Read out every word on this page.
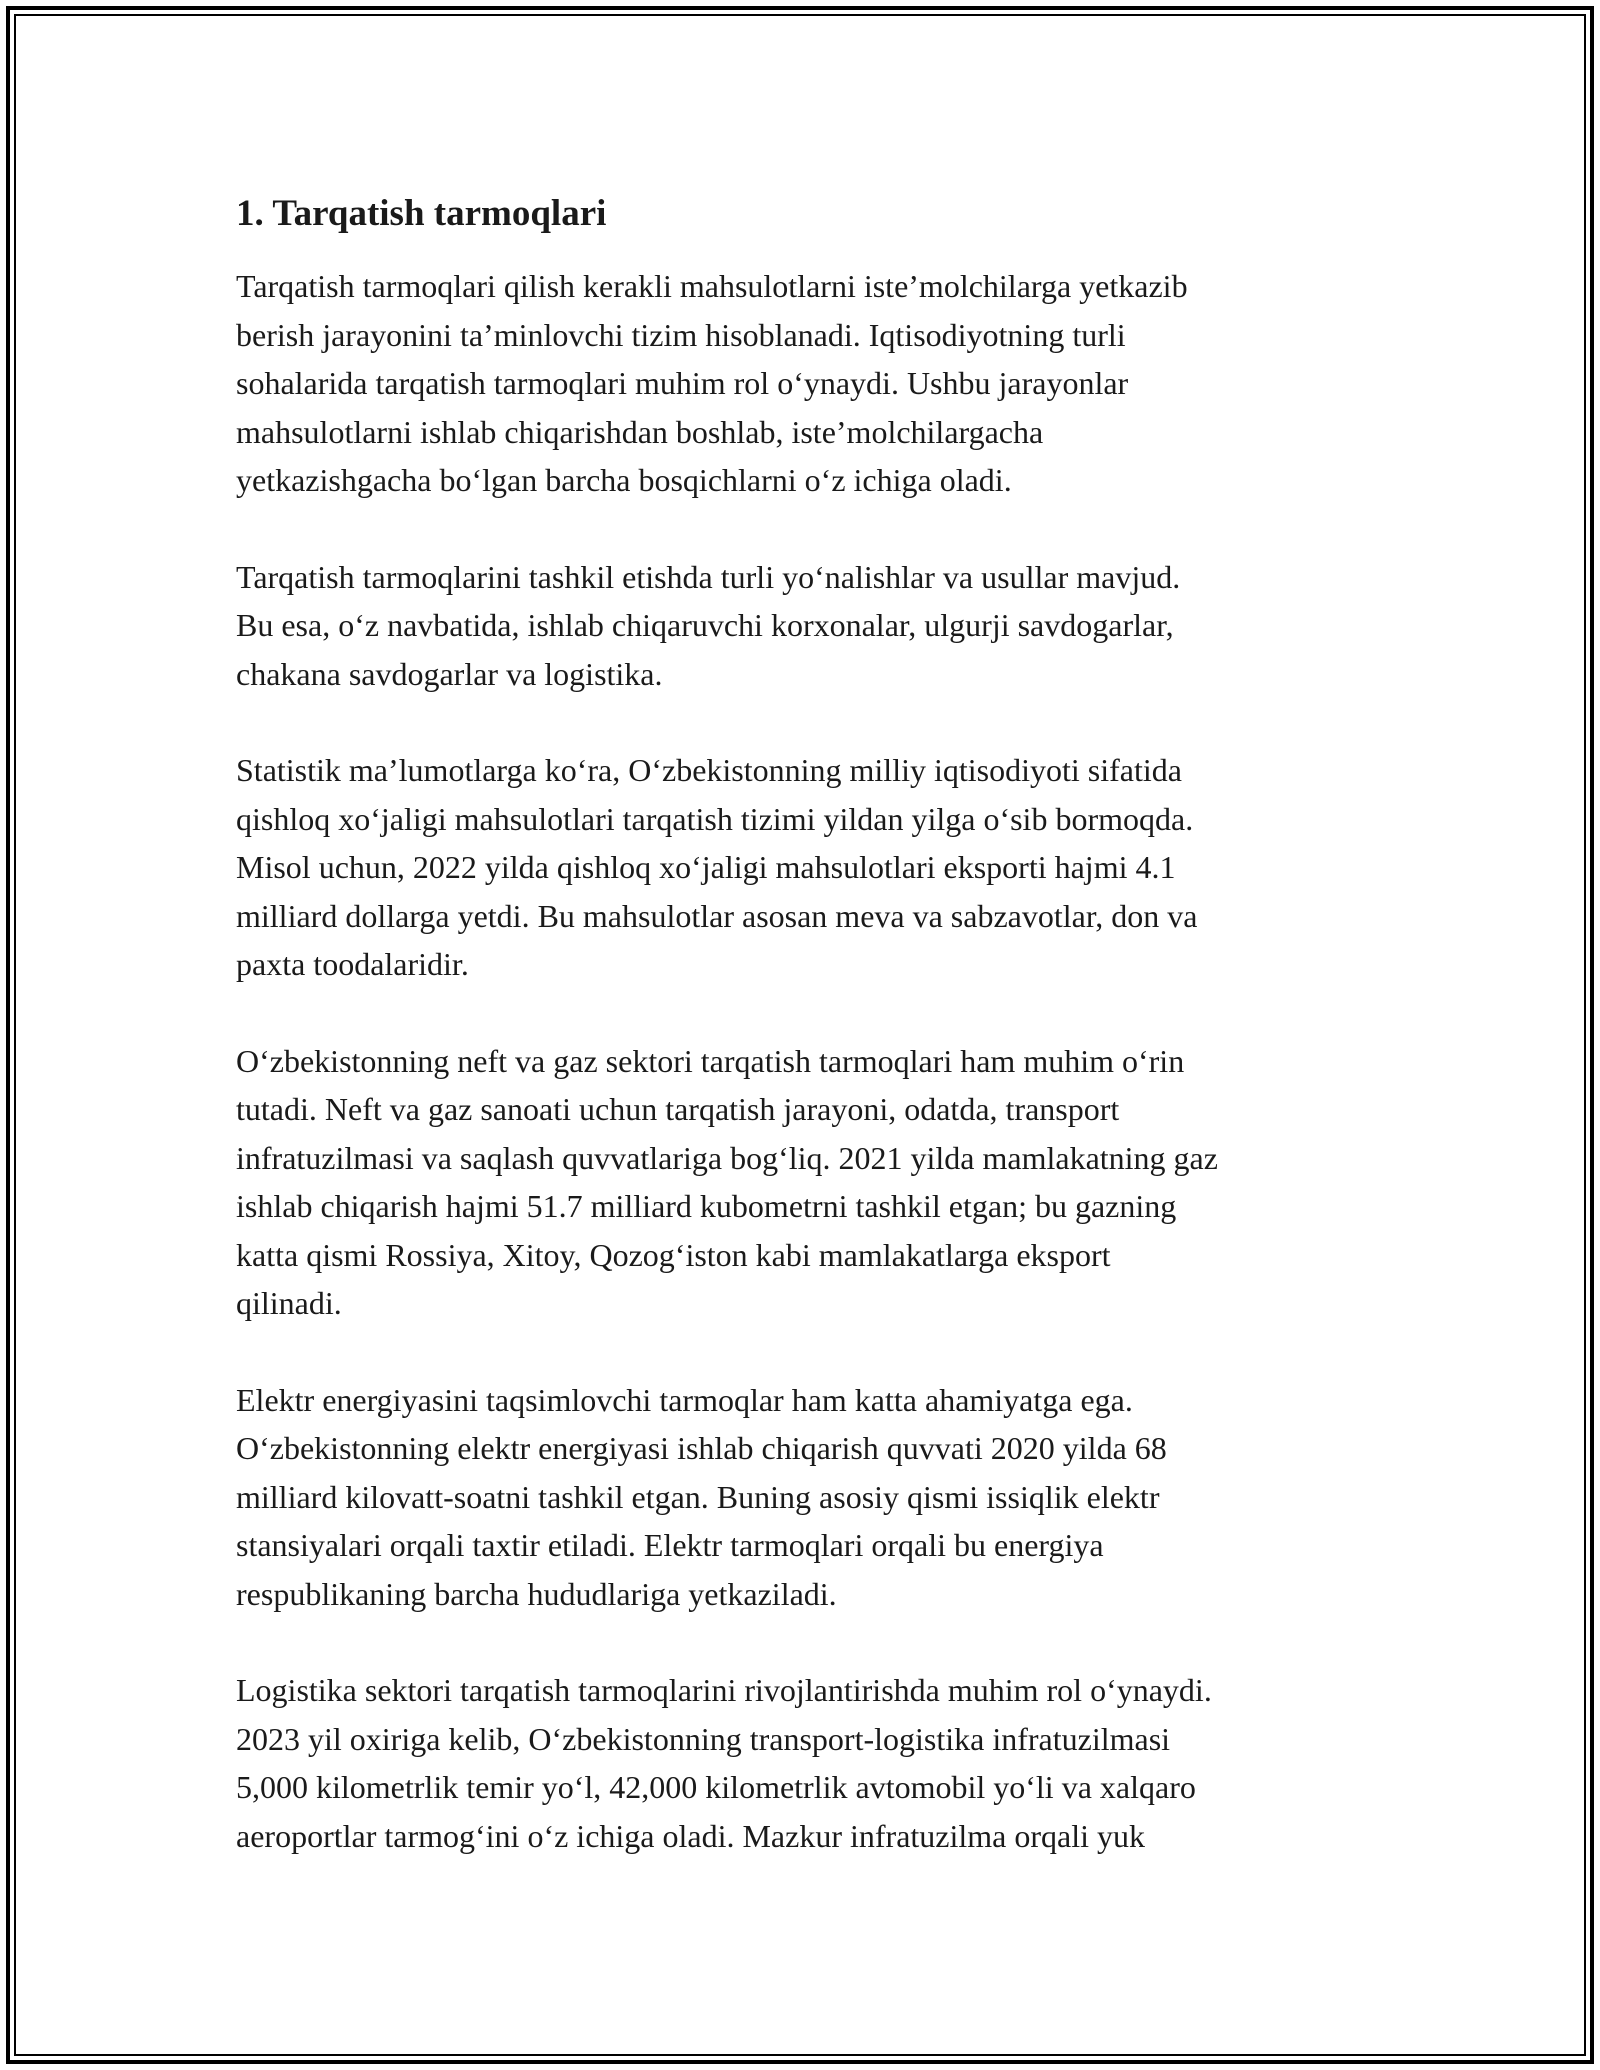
1. Tarqatish tarmoqlari

Tarqatish tarmoqlari qilish kerakli mahsulotlarni iste’molchilarga yetkazib
berish jarayonini ta’minlovchi tizim hisoblanadi. Iqtisodiyotning turli
sohalarida tarqatish tarmoqlari muhim rol o‘ynaydi. Ushbu jarayonlar
mahsulotlarni ishlab chiqarishdan boshlab, iste’molchilargacha
yetkazishgacha bo‘lgan barcha bosqichlarni o‘z ichiga oladi.

Tarqatish tarmoqlarini tashkil etishda turli yo‘nalishlar va usullar mavjud.
Bu esa, o‘z navbatida, ishlab chiqaruvchi korxonalar, ulgurji savdogarlar,
chakana savdogarlar va logistika.

Statistik ma’lumotlarga ko‘ra, O‘zbekistonning milliy iqtisodiyoti sifatida
qishloq xo‘jaligi mahsulotlari tarqatish tizimi yildan yilga o‘sib bormoqda.
Misol uchun, 2022 yilda qishloq xo‘jaligi mahsulotlari eksporti hajmi 4.1
milliard dollarga yetdi. Bu mahsulotlar asosan meva va sabzavotlar, don va
paxta toodalaridir.

O‘zbekistonning neft va gaz sektori tarqatish tarmoqlari ham muhim o‘rin
tutadi. Neft va gaz sanoati uchun tarqatish jarayoni, odatda, transport
infratuzilmasi va saqlash quvvatlariga bog‘liq. 2021 yilda mamlakatning gaz
ishlab chiqarish hajmi 51.7 milliard kubometrni tashkil etgan; bu gazning
katta qismi Rossiya, Xitoy, Qozog‘iston kabi mamlakatlarga eksport
qilinadi.

Elektr energiyasini taqsimlovchi tarmoqlar ham katta ahamiyatga ega.
O‘zbekistonning elektr energiyasi ishlab chiqarish quvvati 2020 yilda 68
milliard kilovatt-soatni tashkil etgan. Buning asosiy qismi issiqlik elektr
stansiyalari orqali taxtir etiladi. Elektr tarmoqlari orqali bu energiya
respublikaning barcha hududlariga yetkaziladi.

Logistika sektori tarqatish tarmoqlarini rivojlantirishda muhim rol o‘ynaydi.
2023 yil oxiriga kelib, O‘zbekistonning transport-logistika infratuzilmasi
5,000 kilometrlik temir yo‘l, 42,000 kilometrlik avtomobil yo‘li va xalqaro
aeroportlar tarmog‘ini o‘z ichiga oladi. Mazkur infratuzilma orqali yuk
